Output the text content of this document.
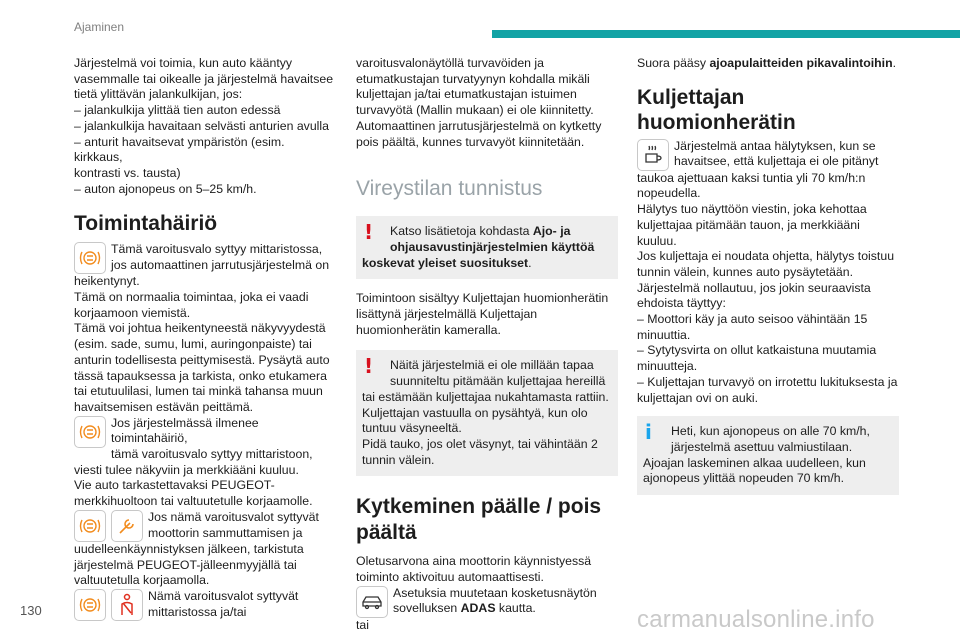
Ajaminen

Järjestelmä voi toimia, kun auto kääntyy

vasemmalle tai oikealle ja järjestelmä havaitsee

tietä ylittävän jalankulkijan, jos:

– jalankulkija ylittää tien auton edessä

– jalankulkija havaitaan selvästi anturien avulla

– anturit havaitsevat ympäristön (esim. kirkkaus,

kontrasti vs. tausta)

– auton ajonopeus on 5–25 km/h.

Toimintahäiriö

Tämä varoitusvalo syttyy mittaristossa,

jos automaattinen jarrutusjärjestelmä on

heikentynyt.

Tämä on normaalia toimintaa, joka ei vaadi

korjaamoon viemistä.

Tämä voi johtua heikentyneestä näkyvyydestä

(esim. sade, sumu, lumi, auringonpaiste) tai

anturin todellisesta peittymisestä. Pysäytä auto

tässä tapauksessa ja tarkista, onko etukamera

tai etutuulilasi, lumen tai minkä tahansa muun

havaitsemisen estävän peittämä.

Jos järjestelmässä ilmenee toimintahäiriö,

tämä varoitusvalo syttyy mittaristoon,

viesti tulee näkyviin ja merkkiääni kuuluu.

Vie auto tarkastettavaksi PEUGEOT-

merkkihuoltoon tai valtuutetulle korjaamolle.

Jos nämä varoitusvalot syttyvät

moottorin sammuttamisen ja

uudelleenkäynnistyksen jälkeen, tarkistuta

järjestelmä PEUGEOT-jälleenmyyjällä tai

valtuutetulla korjaamolla.

Nämä varoitusvalot syttyvät

mittaristossa ja/tai

varoitusvalonäytöllä turvavöiden ja

etumatkustajan turvatyynyn kohdalla mikäli

kuljettajan ja/tai etumatkustajan istuimen

turvavyötä (Mallin mukaan) ei ole kiinnitetty.

Automaattinen jarrutusjärjestelmä on kytketty

pois päältä, kunnes turvavyöt kiinnitetään.

Vireystilan tunnistus
!	Katso lisätietoja kohdasta Ajo- ja
ohjausavustinjärjestelmien käyttöä
koskevat yleiset suositukset.

Toimintoon sisältyy Kuljettajan huomionherätin

lisättynä järjestelmällä Kuljettajan

huomionherätin kameralla.

! Näitä järjestelmiä ei ole millään tapaa

suunniteltu pitämään kuljettajaa hereillä

tai estämään kuljettajaa nukahtamasta rattiin.

Kuljettajan vastuulla on pysähtyä, kun olo

tuntuu väsyneeltä.

Pidä tauko, jos olet väsynyt, tai vähintään 2

tunnin välein.

Kytkeminen päälle / pois
päältä

Oletusarvona aina moottorin käynnistyessä

toiminto aktivoituu automaattisesti.

Asetuksia muutetaan kosketusnäytön

sovelluksen ADAS kautta.

tai

Suora pääsy ajoapulaitteiden pikavalintoihin.

Kuljettajan huomionherätin

Järjestelmä antaa hälytyksen, kun se

havaitsee, että kuljettaja ei ole pitänyt

taukoa ajettuaan kaksi tuntia yli 70 km/h:n

nopeudella.

Hälytys tuo näyttöön viestin, joka kehottaa

kuljettajaa pitämään tauon, ja merkkiääni kuuluu.

Jos kuljettaja ei noudata ohjetta, hälytys toistuu

tunnin välein, kunnes auto pysäytetään.

Järjestelmä nollautuu, jos jokin seuraavista

ehdoista täyttyy:

– Moottori käy ja auto seisoo vähintään 15

minuuttia.

– Sytytysvirta on ollut katkaistuna muutamia

minuutteja.

– Kuljettajan turvavyö on irrotettu lukituksesta ja

kuljettajan ovi on auki.

i Heti, kun ajonopeus on alle 70 km/h,

järjestelmä asettuu valmiustilaan.

Ajoajan laskeminen alkaa uudelleen, kun

ajonopeus ylittää nopeuden 70 km/h.

130	carmanualsonline.info
